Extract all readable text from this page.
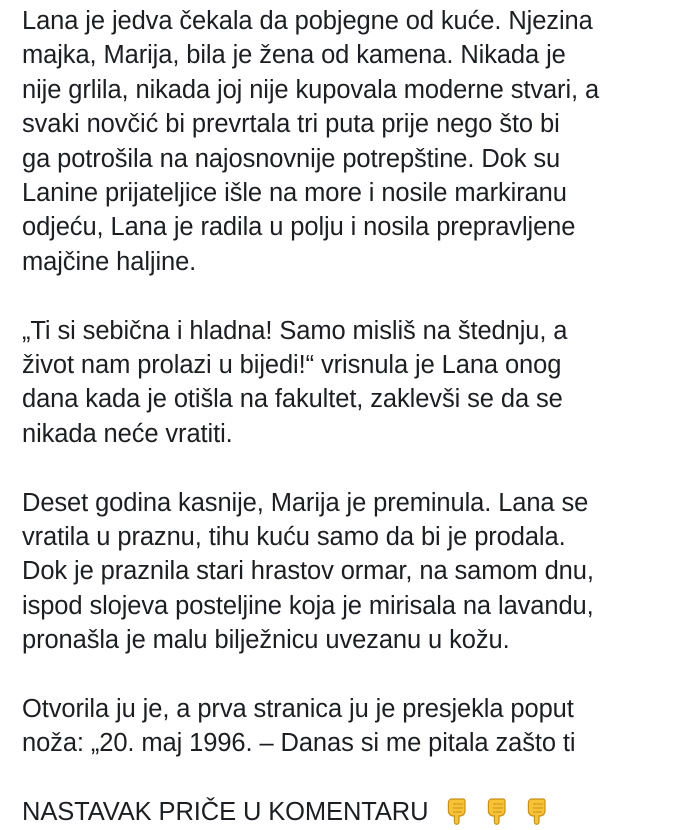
Lana je jedva čekala da pobjegne od kuće. Njezina
majka, Marija, bila je žena od kamena. Nikada je
nije grlila, nikada joj nije kupovala moderne stvari, a
svaki novčić bi prevrtala tri puta prije nego što bi
ga potrošila na najosnovnije potrepštine. Dok su
Lanine prijateljice išle na more i nosile markiranu
odjeću, Lana je radila u polju i nosila prepravljene
majčine haljine.

„Ti si sebična i hladna! Samo misliš na štednju, a
život nam prolazi u bijedi!“ vrisnula je Lana onog
dana kada je otišla na fakultet, zaklevši se da se
nikada neće vratiti.

Deset godina kasnije, Marija je preminula. Lana se
vratila u praznu, tihu kuću samo da bi je prodala.
Dok je praznila stari hrastov ormar, na samom dnu,
ispod slojeva posteljine koja je mirisala na lavandu,
pronašla je malu bilježnicu uvezanu u kožu.

Otvorila ju je, a prva stranica ju je presjekla poput
noža: „20. maj 1996. – Danas si me pitala zašto ti

NASTAVAK PRIČE U KOMENTARU
